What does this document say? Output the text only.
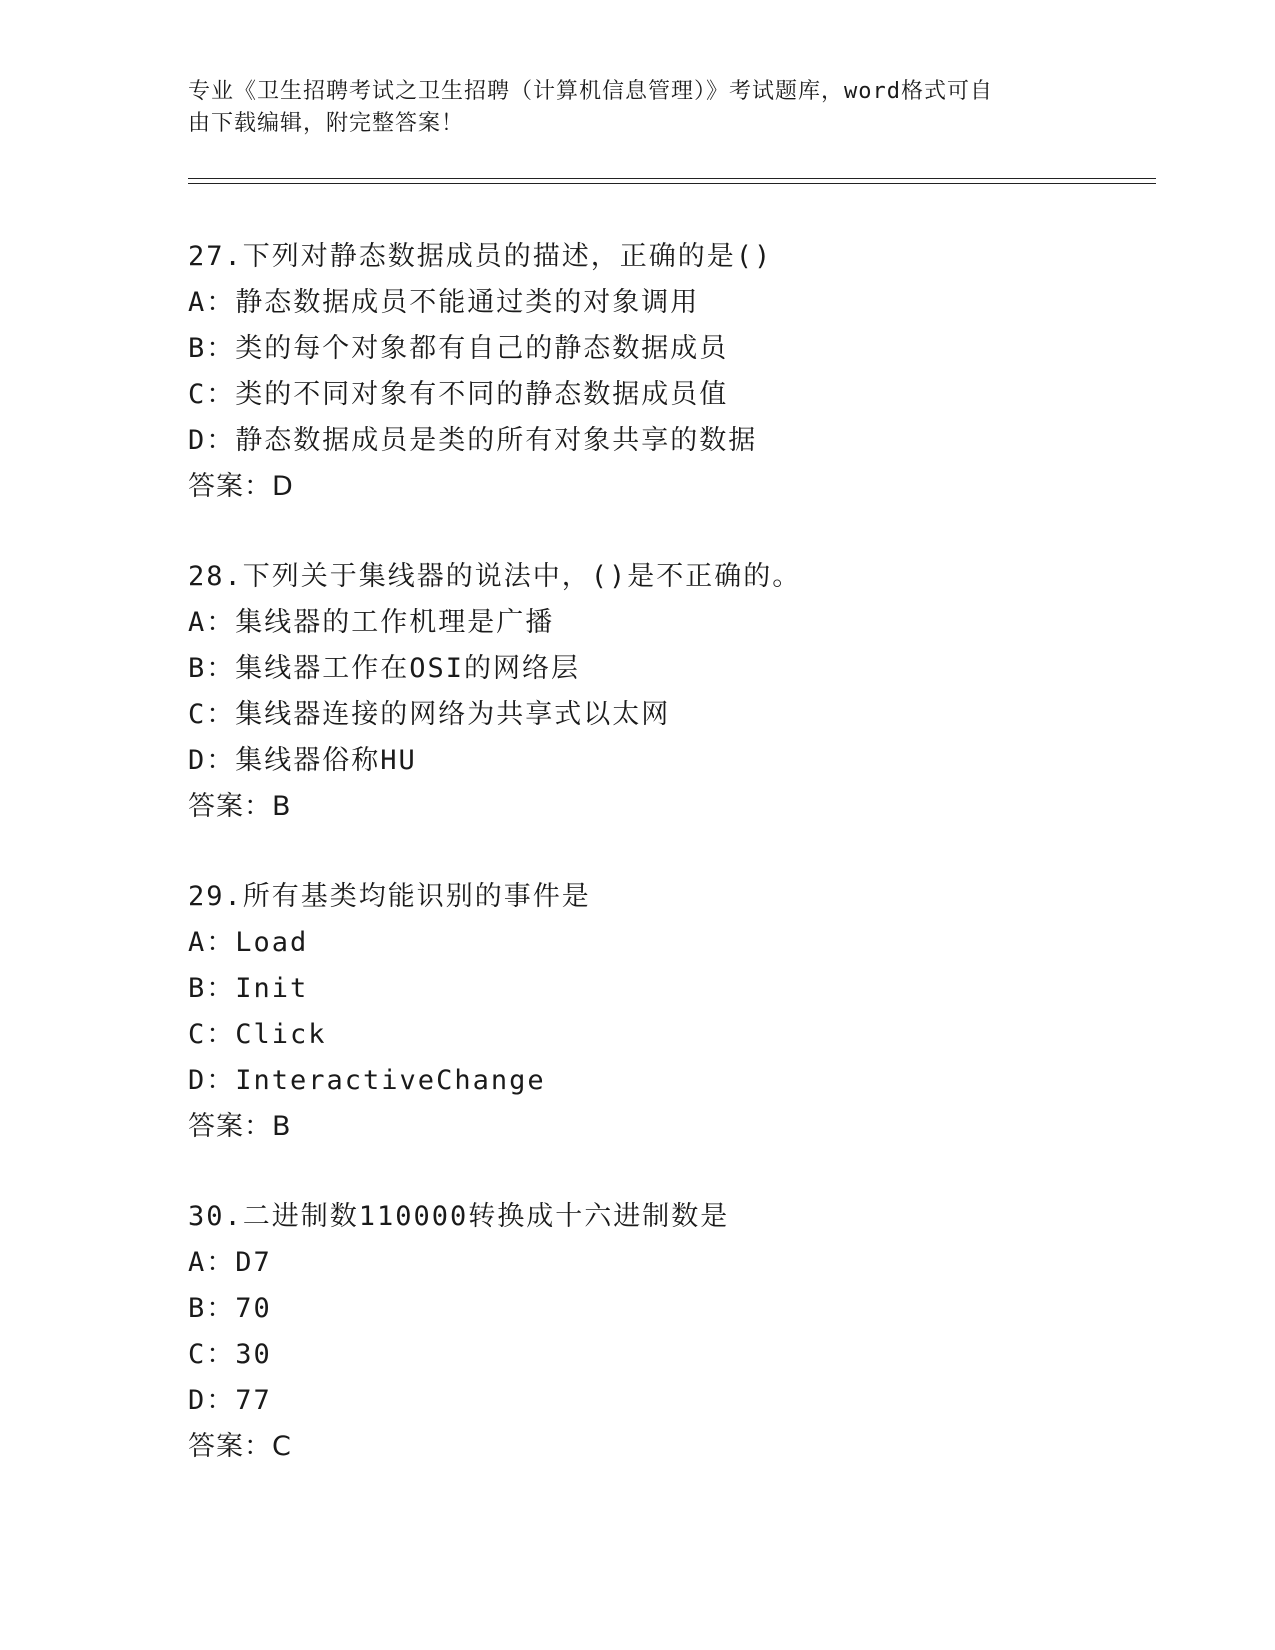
专业《卫生招聘考试之卫生招聘（计算机信息管理）》考试题库，word格式可自
由下载编辑，附完整答案！
27.下列对静态数据成员的描述，正确的是()
A：静态数据成员不能通过类的对象调用
B：类的每个对象都有自己的静态数据成员
C：类的不同对象有不同的静态数据成员值
D：静态数据成员是类的所有对象共享的数据
答案：D
28.下列关于集线器的说法中，()是不正确的。
A：集线器的工作机理是广播
B：集线器工作在OSI的网络层
C：集线器连接的网络为共享式以太网
D：集线器俗称HU
答案：B
29.所有基类均能识别的事件是
A：Load
B：Init
C：Click
D：InteractiveChange
答案：B
30.二进制数110000转换成十六进制数是
A：D7
B：70
C：30
D：77
答案：C
